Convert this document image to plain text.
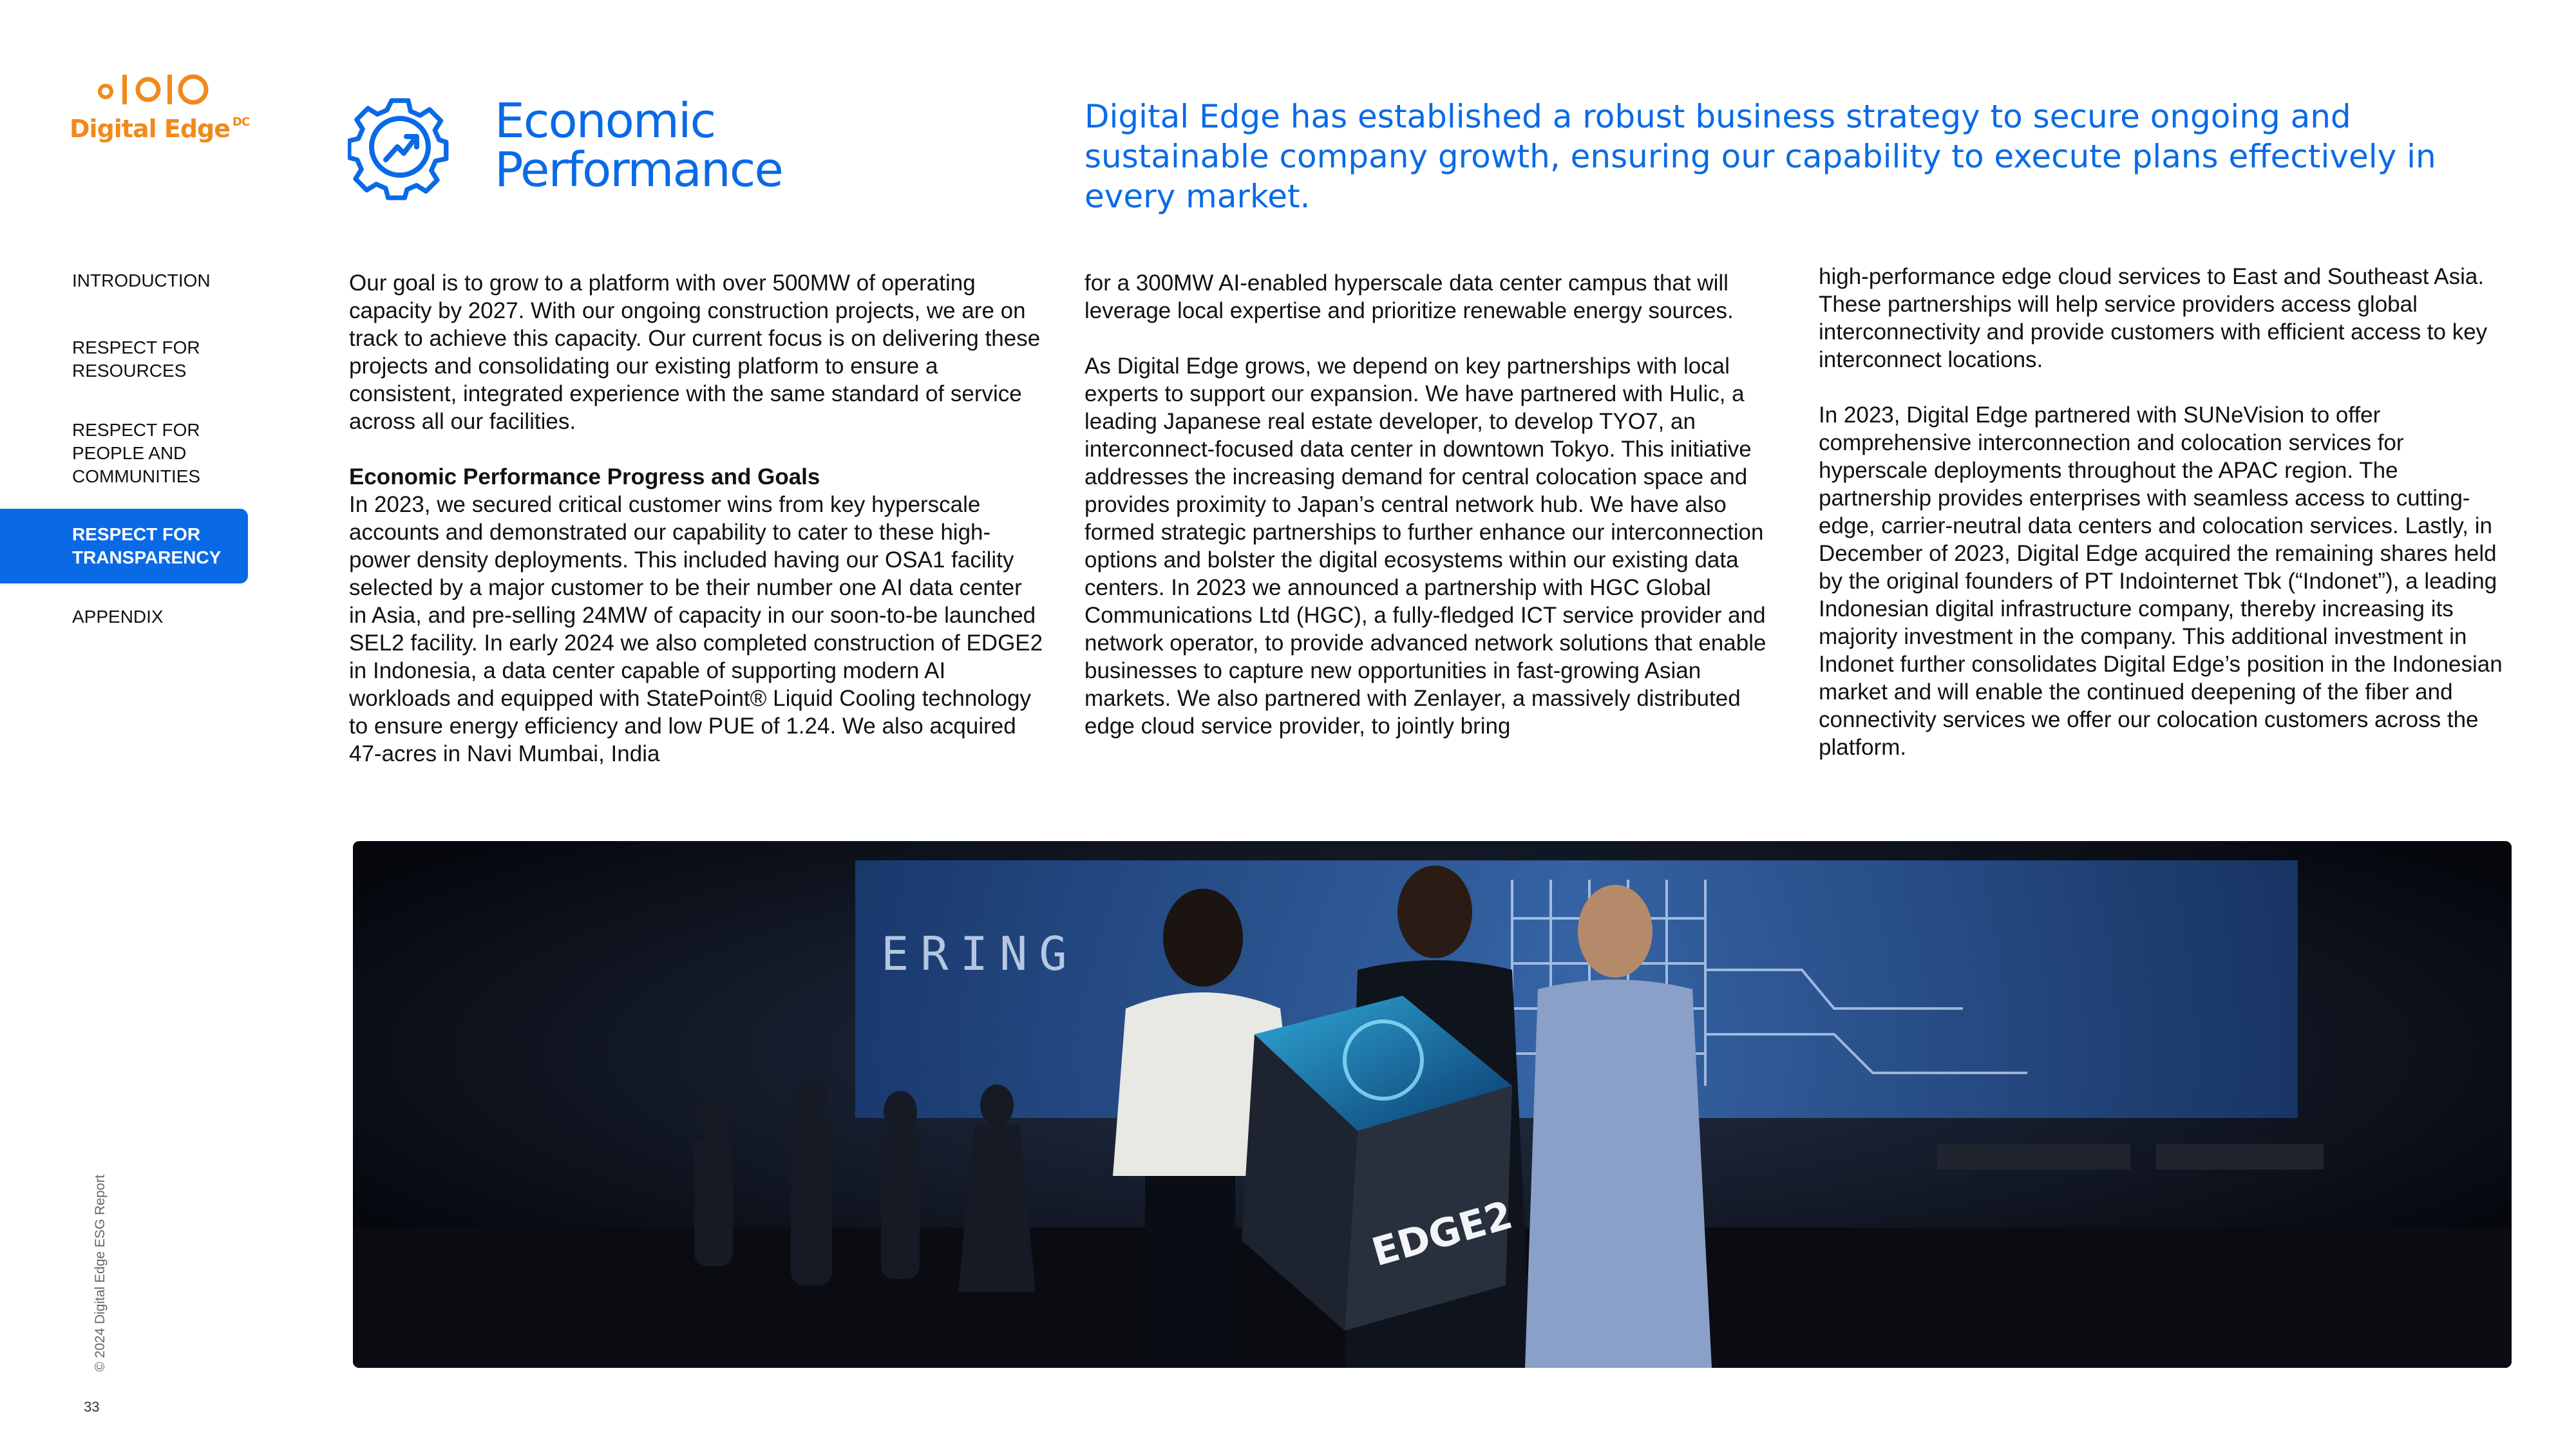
Digital Edge $^{DC}$
INTRODUCTION
RESPECT FOR RESOURCES
RESPECT FOR PEOPLE AND COMMUNITIES
RESPECT FOR TRANSPARENCY
APPENDIX
Economic Performance
Digital Edge has established a robust business strategy to secure ongoing and sustainable company growth, ensuring our capability to execute plans effectively in every market.

Our goal is to grow to a platform with over 500MW of operating capacity by 2027. With our ongoing construction projects, we are on track to achieve this capacity. Our current focus is on delivering these projects and consolidating our existing platform to ensure a consistent, integrated experience with the same standard of service across all our facilities.

Economic Performance Progress and Goals

In 2023, we secured critical customer wins from key hyperscale accounts and demonstrated our capability to cater to these high-power density deployments. This included having our OSA1 facility selected by a major customer to be their number one AI data center in Asia, and pre-selling 24MW of capacity in our soon-to-be launched SEL2 facility. In early 2024 we also completed construction of EDGE2 in Indonesia, a data center capable of supporting modern AI workloads and equipped with StatePoint® Liquid Cooling technology to ensure energy efficiency and low PUE of 1.24. We also acquired 47-acres in Navi Mumbai, India

for a 300MW AI-enabled hyperscale data center campus that will leverage local expertise and prioritize renewable energy sources.

As Digital Edge grows, we depend on key partnerships with local experts to support our expansion. We have partnered with Hulic, a leading Japanese real estate developer, to develop TYO7, an interconnect-focused data center in downtown Tokyo. This initiative addresses the increasing demand for central colocation space and provides proximity to Japan’s central network hub. We have also formed strategic partnerships to further enhance our interconnection options and bolster the digital ecosystems within our existing data centers. In 2023 we announced a partnership with HGC Global Communications Ltd (HGC), a fully-fledged ICT service provider and network operator, to provide advanced network solutions that enable businesses to capture new opportunities in fast-growing Asian markets. We also partnered with Zenlayer, a massively distributed edge cloud service provider, to jointly bring

high-performance edge cloud services to East and Southeast Asia. These partnerships will help service providers access global interconnectivity and provide customers with efficient access to key interconnect locations.

In 2023, Digital Edge partnered with SUNeVision to offer comprehensive interconnection and colocation services for hyperscale deployments throughout the APAC region. The partnership provides enterprises with seamless access to cutting-edge, carrier-neutral data centers and colocation services. Lastly, in December of 2023, Digital Edge acquired the remaining shares held by the original founders of PT Indointernet Tbk (“Indonet”), a leading Indonesian digital infrastructure company, thereby increasing its majority investment in the company. This additional investment in Indonet further consolidates Digital Edge’s position in the Indonesian market and will enable the continued deepening of the fiber and connectivity services we offer our colocation customers across the platform.

ERING
EDGE2
© 2024 Digital Edge ESG Report
33
